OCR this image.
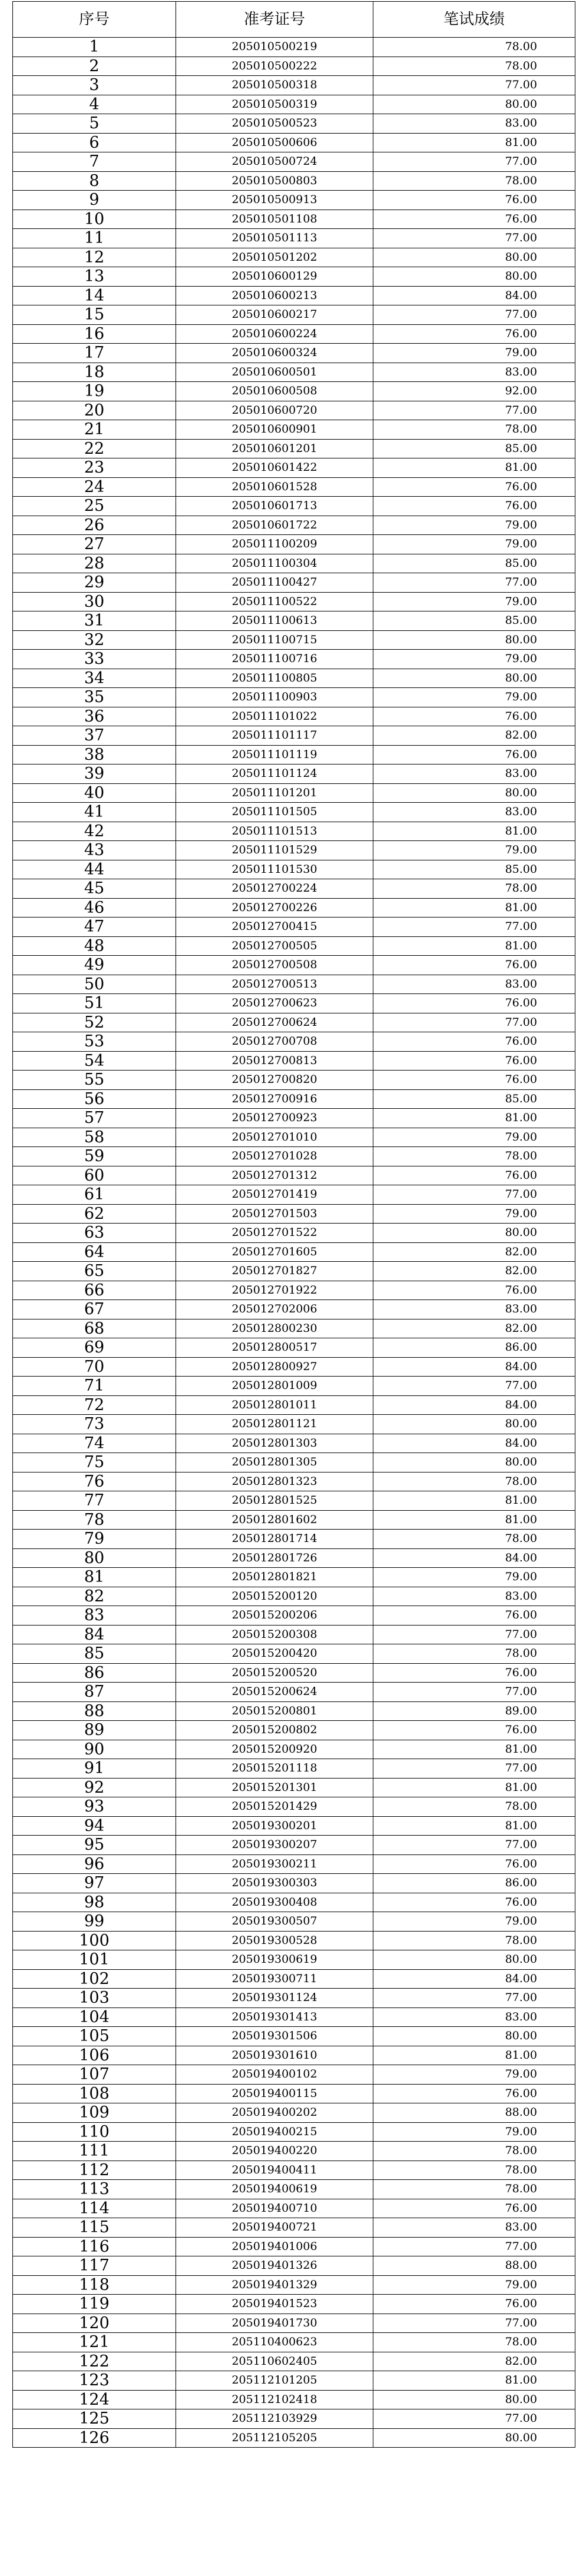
序号	准考证号	笔试成绩
1	205010500219	78.00
2	205010500222	78.00
3	205010500318	77.00
4	205010500319	80.00
5	205010500523	83.00
6	205010500606	81.00
7	205010500724	77.00
8	205010500803	78.00
9	205010500913	76.00
10	205010501108	76.00
11	205010501113	77.00
12	205010501202	80.00
13	205010600129	80.00
14	205010600213	84.00
15	205010600217	77.00
16	205010600224	76.00
17	205010600324	79.00
18	205010600501	83.00
19	205010600508	92.00
20	205010600720	77.00
21	205010600901	78.00
22	205010601201	85.00
23	205010601422	81.00
24	205010601528	76.00
25	205010601713	76.00
26	205010601722	79.00
27	205011100209	79.00
28	205011100304	85.00
29	205011100427	77.00
30	205011100522	79.00
31	205011100613	85.00
32	205011100715	80.00
33	205011100716	79.00
34	205011100805	80.00
35	205011100903	79.00
36	205011101022	76.00
37	205011101117	82.00
38	205011101119	76.00
39	205011101124	83.00
40	205011101201	80.00
41	205011101505	83.00
42	205011101513	81.00
43	205011101529	79.00
44	205011101530	85.00
45	205012700224	78.00
46	205012700226	81.00
47	205012700415	77.00
48	205012700505	81.00
49	205012700508	76.00
50	205012700513	83.00
51	205012700623	76.00
52	205012700624	77.00
53	205012700708	76.00
54	205012700813	76.00
55	205012700820	76.00
56	205012700916	85.00
57	205012700923	81.00
58	205012701010	79.00
59	205012701028	78.00
60	205012701312	76.00
61	205012701419	77.00
62	205012701503	79.00
63	205012701522	80.00
64	205012701605	82.00
65	205012701827	82.00
66	205012701922	76.00
67	205012702006	83.00
68	205012800230	82.00
69	205012800517	86.00
70	205012800927	84.00
71	205012801009	77.00
72	205012801011	84.00
73	205012801121	80.00
74	205012801303	84.00
75	205012801305	80.00
76	205012801323	78.00
77	205012801525	81.00
78	205012801602	81.00
79	205012801714	78.00
80	205012801726	84.00
81	205012801821	79.00
82	205015200120	83.00
83	205015200206	76.00
84	205015200308	77.00
85	205015200420	78.00
86	205015200520	76.00
87	205015200624	77.00
88	205015200801	89.00
89	205015200802	76.00
90	205015200920	81.00
91	205015201118	77.00
92	205015201301	81.00
93	205015201429	78.00
94	205019300201	81.00
95	205019300207	77.00
96	205019300211	76.00
97	205019300303	86.00
98	205019300408	76.00
99	205019300507	79.00
100	205019300528	78.00
101	205019300619	80.00
102	205019300711	84.00
103	205019301124	77.00
104	205019301413	83.00
105	205019301506	80.00
106	205019301610	81.00
107	205019400102	79.00
108	205019400115	76.00
109	205019400202	88.00
110	205019400215	79.00
111	205019400220	78.00
112	205019400411	78.00
113	205019400619	78.00
114	205019400710	76.00
115	205019400721	83.00
116	205019401006	77.00
117	205019401326	88.00
118	205019401329	79.00
119	205019401523	76.00
120	205019401730	77.00
121	205110400623	78.00
122	205110602405	82.00
123	205112101205	81.00
124	205112102418	80.00
125	205112103929	77.00
126	205112105205	80.00
